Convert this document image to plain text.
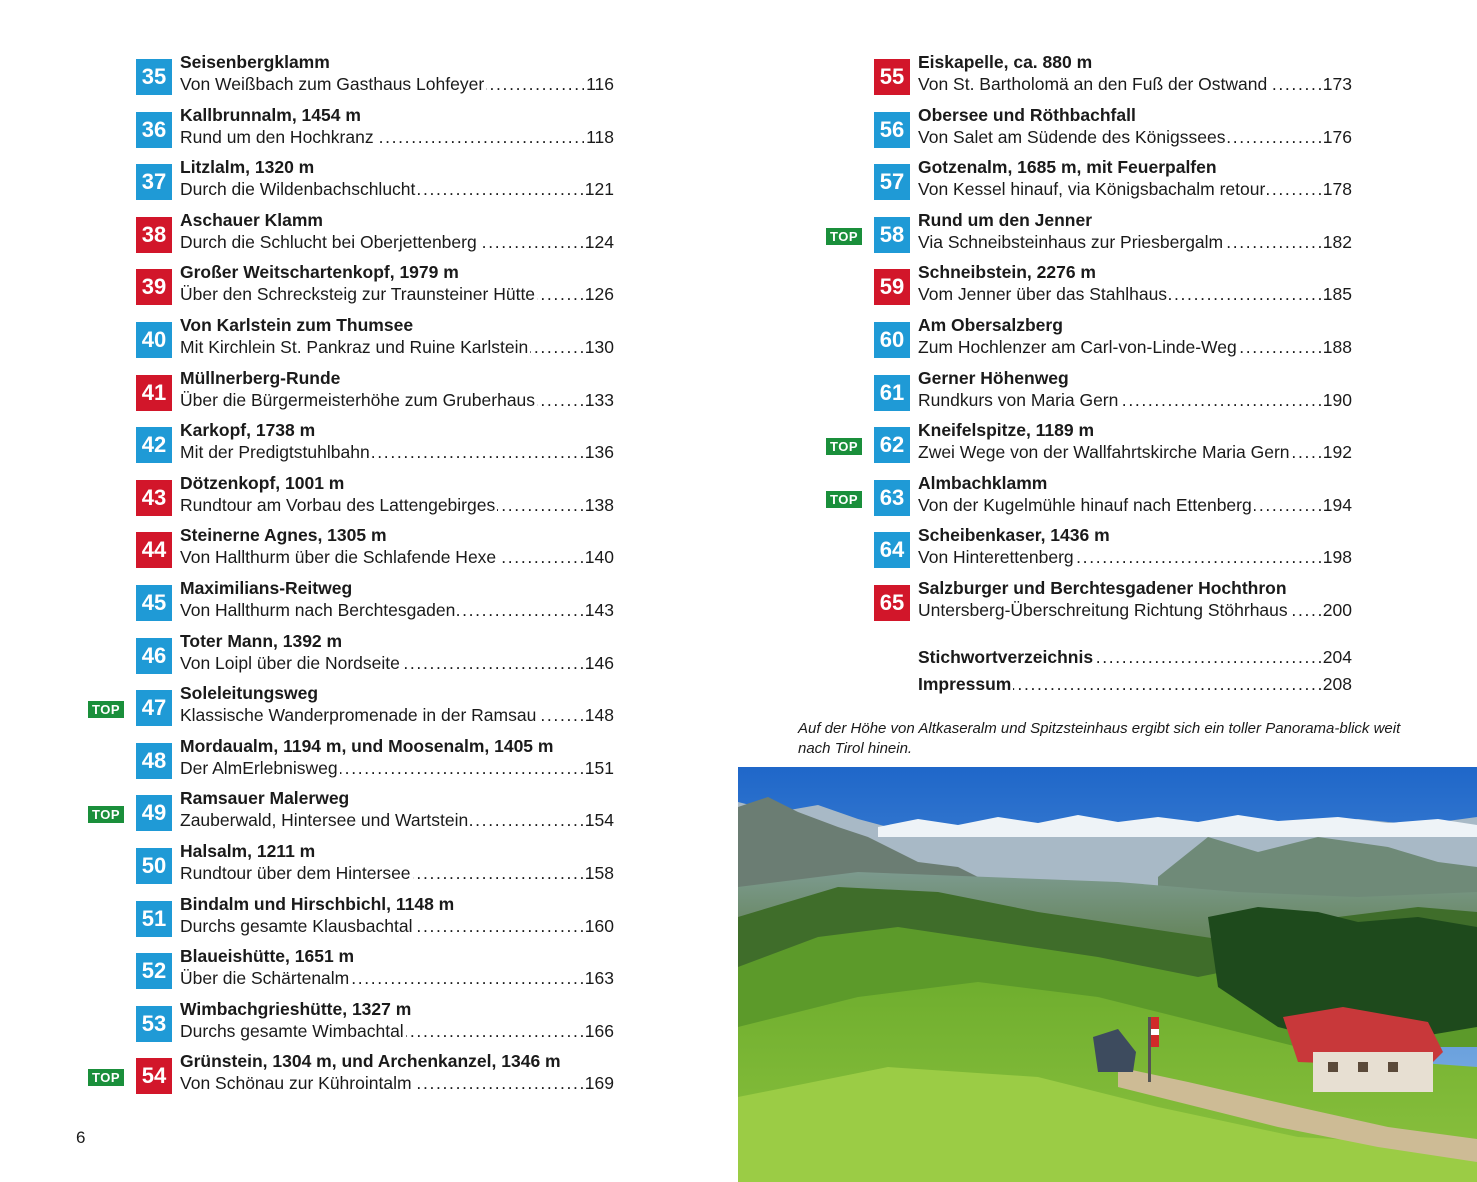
35
Seisenbergklamm
Von Weißbach zum Gasthaus Lohfeyer . . .	116
36
Kallbrunnalm, 1454 m
Rund um den Hochkranz . . .	118
37
Litzlalm, 1320 m
Durch die Wildenbachschlucht . . .	121
38
Aschauer Klamm
Durch die Schlucht bei Oberjettenberg . . .	124
39
Großer Weitschartenkopf, 1979 m
Über den Schrecksteig zur Traunsteiner Hütte . . .	126
40
Von Karlstein zum Thumsee
Mit Kirchlein St. Pankraz und Ruine Karlstein . . .	130
41
Müllnerberg-Runde
Über die Bürgermeisterhöhe zum Gruberhaus . . .	133
42
Karkopf, 1738 m
Mit der Predigtstuhlbahn . . .	136
43
Dötzenkopf, 1001 m
Rundtour am Vorbau des Lattengebirges . . .	138
44
Steinerne Agnes, 1305 m
Von Hallthurm über die Schlafende Hexe . . .	140
45
Maximilians-Reitweg
Von Hallthurm nach Berchtesgaden . . .	143
46
Toter Mann, 1392 m
Von Loipl über die Nordseite . . .	146
TOP 47
Soleleitungsweg
Klassische Wanderpromenade in der Ramsau . . .	148
48
Mordaualm, 1194 m, und Moosenalm, 1405 m
Der AlmErlebnisweg . . .	151
TOP 49
Ramsauer Malerweg
Zauberwald, Hintersee und Wartstein . . .	154
50
Halsalm, 1211 m
Rundtour über dem Hintersee . . .	158
51
Bindalm und Hirschbichl, 1148 m
Durchs gesamte Klausbachtal . . .	160
52
Blaueishütte, 1651 m
Über die Schärtenalm . . .	163
53
Wimbachgrieshütte, 1327 m
Durchs gesamte Wimbachtal . . .	166
TOP 54
Grünstein, 1304 m, und Archenkanzel, 1346 m
Von Schönau zur Kührointalm . . .	169
65
Salzburger und Berchtesgadener Hochthron
Untersberg-Überschreitung Richtung Stöhrhaus . . . 200
64
Scheibenkaser, 1436 m
Von Hinterettenberg . . .	198
TOP 63
Almbachklamm
Von der Kugelmühle hinauf nach Ettenberg . . .	194
TOP 62
Kneifelspitze, 1189 m
Zwei Wege von der Wallfahrtskirche Maria Gern . . . 192
61
Gerner Höhenweg
Rundkurs von Maria Gern . . .	190
60
Am Obersalzberg
Zum Hochlenzer am Carl-von-Linde-Weg . . .	188
59
Schneibstein, 2276 m
Vom Jenner über das Stahlhaus . . .	185
TOP 58
Rund um den Jenner
Via Schneibsteinhaus zur Priesbergalm . . .	182
57
Gotzenalm, 1685 m, mit Feuerpalfen
Von Kessel hinauf, via Königsbachalm retour . . .	178
56
Obersee und Röthbachfall
Von Salet am Südende des Königssees . . .	176
55
Eiskapelle, ca. 880 m
Von St. Bartholomä an den Fuß der Ostwand . . .	173
Stichwortverzeichnis . . .	204
Impressum . . .	208
Auf der Höhe von Altkaseralm und Spitzsteinhaus ergibt sich ein toller Panorama-blick weit nach Tirol hinein.
6
